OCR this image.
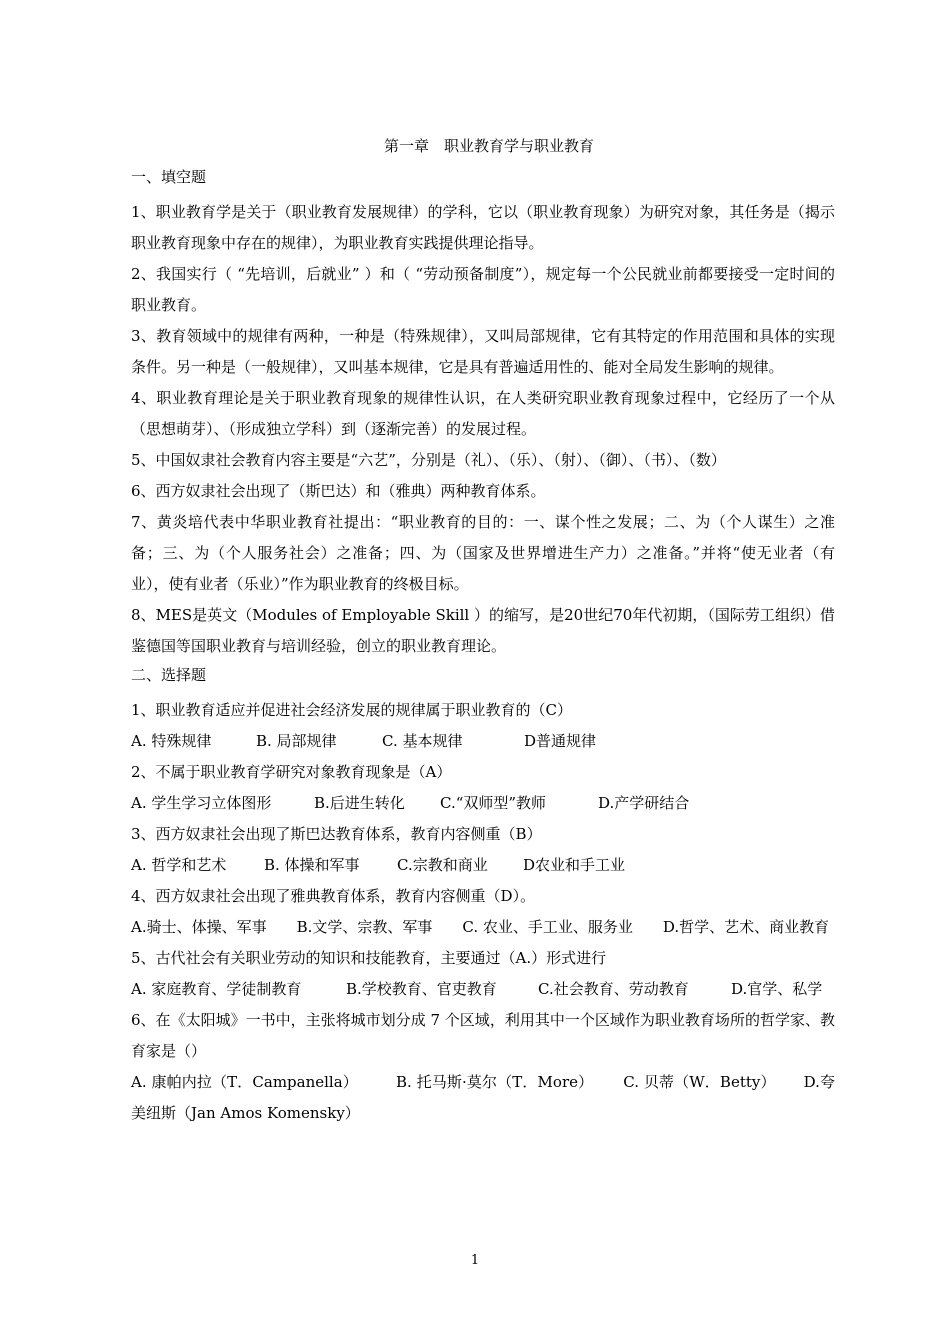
第一章　职业教育学与职业教育
一、填空题

1、职业教育学是关于（职业教育发展规律）的学科，它以（职业教育现象）为研究对象，其任务是（揭示职业教育现象中存在的规律），为职业教育实践提供理论指导。

2、我国实行（ “先培训，后就业” ）和（ “劳动预备制度”），规定每一个公民就业前都要接受一定时间的职业教育。

3、教育领域中的规律有两种，一种是（特殊规律），又叫局部规律，它有其特定的作用范围和具体的实现条件。另一种是（一般规律），又叫基本规律，它是具有普遍适用性的、能对全局发生影响的规律。

4、职业教育理论是关于职业教育现象的规律性认识，在人类研究职业教育现象过程中，它经历了一个从（思想萌芽）、（形成独立学科）到（逐渐完善）的发展过程。

5、中国奴隶社会教育内容主要是“六艺”，分别是（礼）、（乐）、（射）、（御）、（书）、（数）

6、西方奴隶社会出现了（斯巴达）和（雅典）两种教育体系。

7、黄炎培代表中华职业教育社提出：“职业教育的目的：一、谋个性之发展；二、为（个人谋生）之准备；三、为（个人服务社会）之准备；四、为（国家及世界增进生产力）之准备。”并将“使无业者（有业），使有业者（乐业）”作为职业教育的终极目标。

8、MES是英文（Modules of Employable Skill ）的缩写，是20世纪70年代初期，（国际劳工组织）借鉴德国等国职业教育与培训经验，创立的职业教育理论。

二、选择题

1、职业教育适应并促进社会经济发展的规律属于职业教育的（C）

A. 特殊规律	B. 局部规律	C. 基本规律	D普通规律

2、不属于职业教育学研究对象教育现象是（A）

A. 学生学习立体图形	B.后进生转化 C.“双师型”教师	D.产学研结合

3、西方奴隶社会出现了斯巴达教育体系，教育内容侧重（B）

A. 哲学和艺术	B. 体操和军事 C.宗教和商业 D农业和手工业

4、西方奴隶社会出现了雅典教育体系，教育内容侧重（D）。

A.骑士、体操、军事 B.文学、宗教、军事 C. 农业、手工业、服务业 D.哲学、艺术、商业教育

5、古代社会有关职业劳动的知识和技能教育，主要通过（A.）形式进行

A. 家庭教育、学徒制教育	B.学校教育、官吏教育	C.社会教育、劳动教育	D.官学、私学

6、在《太阳城》一书中，主张将城市划分成 7 个区域，利用其中一个区域作为职业教育场所的哲学家、教育家是（）

A. 康帕内拉（T．Campanella）	B. 托马斯·莫尔（T．More） C. 贝蒂（W．Betty） D.夸美纽斯（Jan Amos Komensky）

1
